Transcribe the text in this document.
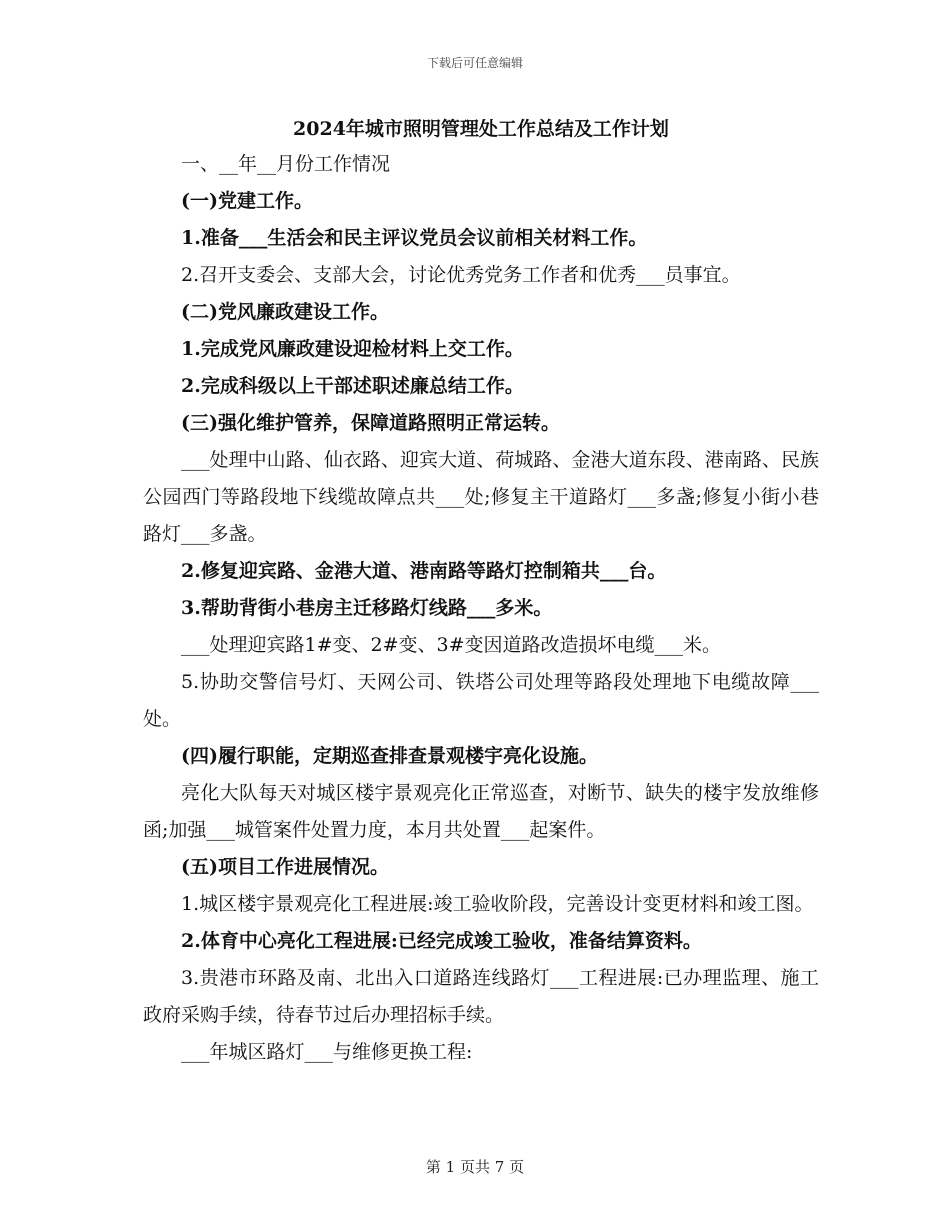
下载后可任意编辑
2024年城市照明管理处工作总结及工作计划

一、__年__月份工作情况

(一)党建工作。

1.准备___生活会和民主评议党员会议前相关材料工作。

2.召开支委会、支部大会，讨论优秀党务工作者和优秀___员事宜。

(二)党风廉政建设工作。

1.完成党风廉政建设迎检材料上交工作。

2.完成科级以上干部述职述廉总结工作。

(三)强化维护管养，保障道路照明正常运转。

___处理中山路、仙衣路、迎宾大道、荷城路、金港大道东段、港南路、民族公园西门等路段地下线缆故障点共___处;修复主干道路灯___多盏;修复小街小巷路灯___多盏。

2.修复迎宾路、金港大道、港南路等路灯控制箱共___台。

3.帮助背街小巷房主迁移路灯线路___多米。

___处理迎宾路1#变、2#变、3#变因道路改造损坏电缆___米。

5.协助交警信号灯、天网公司、铁塔公司处理等路段处理地下电缆故障___处。

(四)履行职能，定期巡查排查景观楼宇亮化设施。

亮化大队每天对城区楼宇景观亮化正常巡查，对断节、缺失的楼宇发放维修函;加强___城管案件处置力度，本月共处置___起案件。

(五)项目工作进展情况。

1.城区楼宇景观亮化工程进展:竣工验收阶段，完善设计变更材料和竣工图。

2.体育中心亮化工程进展:已经完成竣工验收，准备结算资料。

3.贵港市环路及南、北出入口道路连线路灯___工程进展:已办理监理、施工政府采购手续，待春节过后办理招标手续。

___年城区路灯___与维修更换工程:

第 1 页共 7 页
